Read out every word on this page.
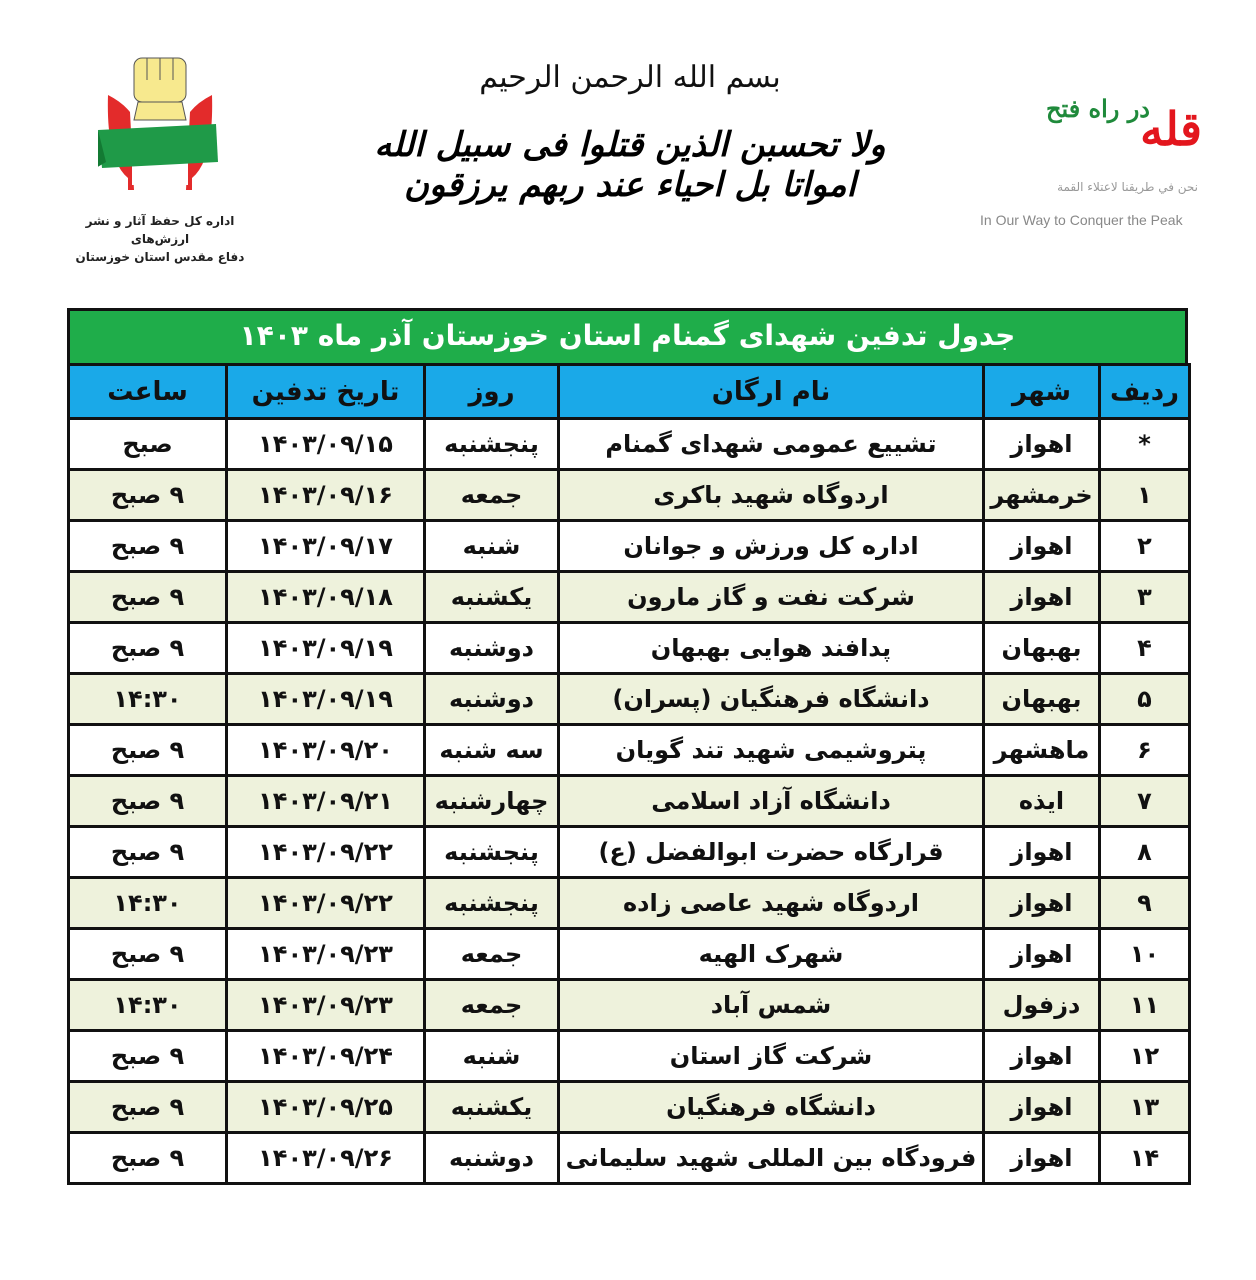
اداره کل حفظ آثار و نشر ارزش‌های
دفاع مقدس استان خوزستان
بسم الله الرحمن الرحیم
ولا تحسبن الذین قتلوا فی سبیل الله امواتا بل احیاء عند ربهم یرزقون
در راه فتح
قله
نحن في طريقنا لاعتلاء القمة
In Our Way to Conquer the Peak
جدول تدفین شهدای گمنام استان خوزستان آذر ماه ۱۴۰۳
ساعت	تاریخ تدفین	روز	نام ارگان	شهر	ردیف
صبح	۱۴۰۳/۰۹/۱۵	پنجشنبه	تشییع عمومی شهدای گمنام	اهواز	*
۹ صبح	۱۴۰۳/۰۹/۱۶	جمعه	اردوگاه شهید باکری	خرمشهر	۱
۹ صبح	۱۴۰۳/۰۹/۱۷	شنبه	اداره کل ورزش و جوانان	اهواز	۲
۹ صبح	۱۴۰۳/۰۹/۱۸	یکشنبه	شرکت نفت و گاز مارون	اهواز	۳
۹ صبح	۱۴۰۳/۰۹/۱۹	دوشنبه	پدافند هوایی بهبهان	بهبهان	۴
۱۴:۳۰	۱۴۰۳/۰۹/۱۹	دوشنبه	دانشگاه فرهنگیان (پسران)	بهبهان	۵
۹ صبح	۱۴۰۳/۰۹/۲۰	سه شنبه	پتروشیمی شهید تند گویان	ماهشهر	۶
۹ صبح	۱۴۰۳/۰۹/۲۱	چهارشنبه	دانشگاه آزاد اسلامی	ایذه	۷
۹ صبح	۱۴۰۳/۰۹/۲۲	پنجشنبه	قرارگاه حضرت ابوالفضل (ع)	اهواز	۸
۱۴:۳۰	۱۴۰۳/۰۹/۲۲	پنجشنبه	اردوگاه شهید عاصی زاده	اهواز	۹
۹ صبح	۱۴۰۳/۰۹/۲۳	جمعه	شهرک الهیه	اهواز	۱۰
۱۴:۳۰	۱۴۰۳/۰۹/۲۳	جمعه	شمس آباد	دزفول	۱۱
۹ صبح	۱۴۰۳/۰۹/۲۴	شنبه	شرکت گاز استان	اهواز	۱۲
۹ صبح	۱۴۰۳/۰۹/۲۵	یکشنبه	دانشگاه فرهنگیان	اهواز	۱۳
۹ صبح	۱۴۰۳/۰۹/۲۶	دوشنبه	فرودگاه بین المللی شهید سلیمانی	اهواز	۱۴
